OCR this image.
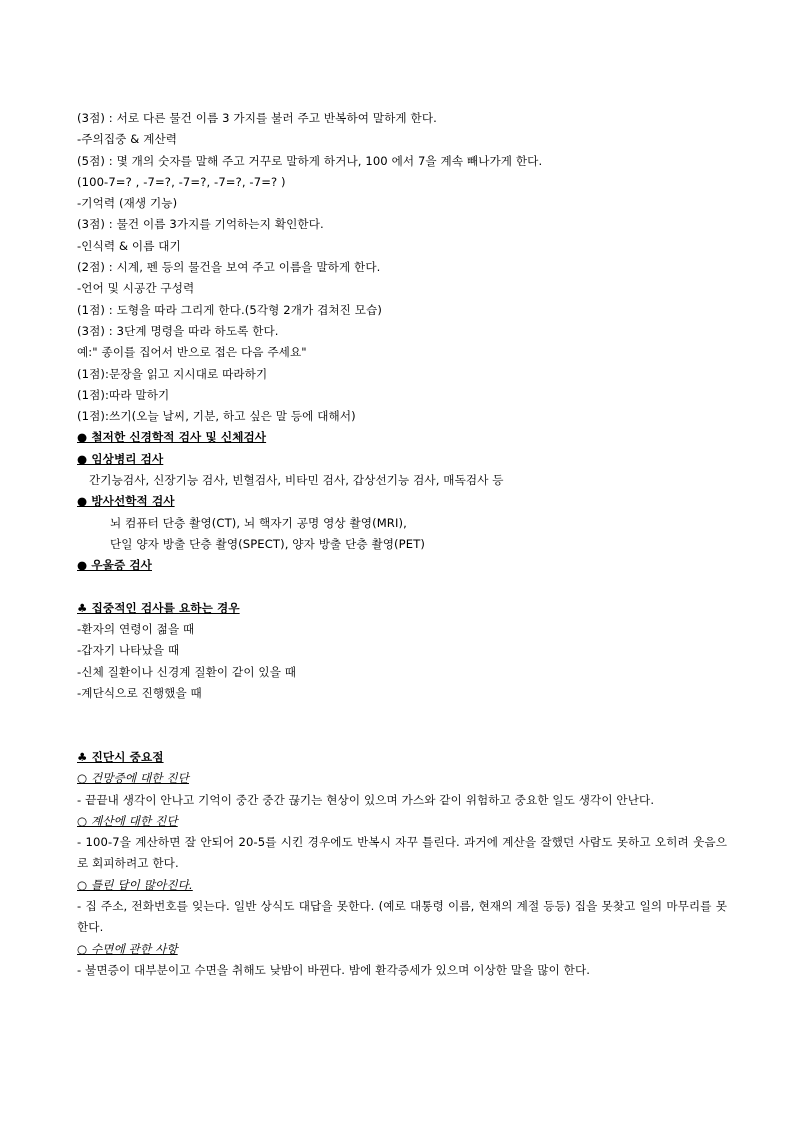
(3점) : 서로 다른 물건 이름 3 가지를 불러 주고 반복하여 말하게 한다.
-주의집중 & 계산력
(5점) : 몇 개의 숫자를 말해 주고 거꾸로 말하게 하거나, 100 에서 7을 계속 빼나가게 한다.
(100-7=? , -7=?, -7=?, -7=?, -7=? )
-기억력 (재생 기능)
(3점) : 물건 이름 3가지를 기억하는지 확인한다.
-인식력 & 이름 대기
(2점) : 시계, 펜 등의 물건을 보여 주고 이름을 말하게 한다.
-언어 및 시공간 구성력
(1점) : 도형을 따라 그리게 한다.(5각형 2개가 겹쳐진 모습)
(3점) : 3단계 명령을 따라 하도록 한다.
예:" 종이를 집어서 반으로 접은 다음 주세요"
(1점):문장을 읽고 지시대로 따라하기
(1점):따라 말하기
(1점):쓰기(오늘 날씨, 기분, 하고 싶은 말 등에 대해서)
● 철저한 신경학적 검사 및 신체검사
● 임상병리 검사
간기능검사, 신장기능 검사, 빈혈검사, 비타민 검사, 갑상선기능 검사, 매독검사 등
● 방사선학적 검사
뇌 컴퓨터 단층 촬영(CT), 뇌 핵자기 공명 영상 촬영(MRI),
단일 양자 방출 단층 촬영(SPECT), 양자 방출 단층 촬영(PET)
● 우울증 검사
♣ 집중적인 검사를 요하는 경우
-환자의 연령이 젊을 때
-갑자기 나타났을 때
-신체 질환이나 신경계 질환이 같이 있을 때
-계단식으로 진행했을 때
♣ 진단시 중요점
○ 건망증에 대한 진단
- 끝끝내 생각이 안나고 기억이 중간 중간 끊기는 현상이 있으며 가스와 같이 위험하고 중요한 일도 생각이 안난다.
○ 계산에 대한 진단
- 100-7을 계산하면 잘 안되어 20-5를 시킨 경우에도 반복시 자꾸 틀린다. 과거에 계산을 잘했던 사람도 못하고 오히려 웃음으로 회피하려고 한다.
○ 틀린 답이 많아진다.
- 집 주소, 전화번호를 잊는다. 일반 상식도 대답을 못한다. (예로 대통령 이름, 현재의 계절 등등) 집을 못찾고 일의 마무리를 못한다.
○ 수면에 관한 사항
- 불면증이 대부분이고 수면을 취해도 낮밤이 바뀐다. 밤에 환각증세가 있으며 이상한 말을 많이 한다.
